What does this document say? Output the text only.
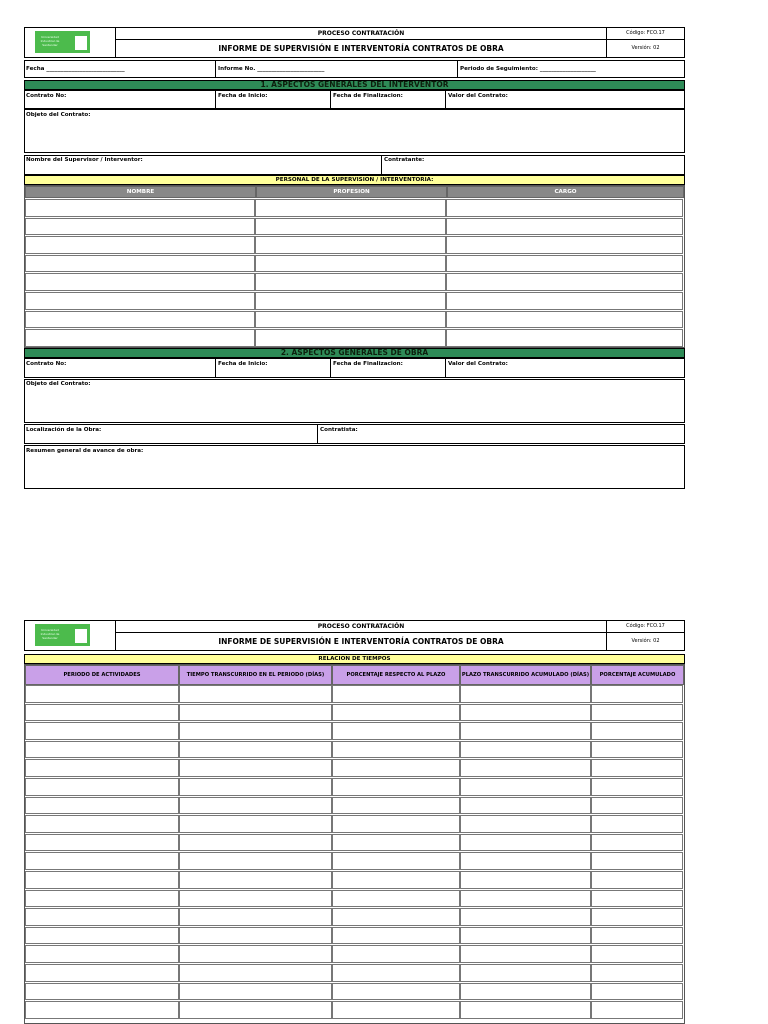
Universidad Industrial de Santander
PROCESO CONTRATACIÓN
INFORME DE SUPERVISIÓN E INTERVENTORÍA CONTRATOS DE OBRA
Código: FCO.17
Versión: 02
Fecha ____________________________	Informe No. ________________________	Periodo de Seguimiento: ____________________
1. ASPECTOS GENERALES DEL INTERVENTOR
Contrato No:	Fecha de Inicio:	Fecha de Finalizacion:	Valor del Contrato:
Objeto del Contrato:
Nombre del Supervisor / Interventor:	Contratante:
PERSONAL DE LA SUPERVISION / INTERVENTORIA:
NOMBRE	PROFESION	CARGO
2. ASPECTOS GENERALES DE OBRA
Contrato No:	Fecha de Inicio:	Fecha de Finalizacion:	Valor del Contrato:
Objeto del Contrato:
Localización de la Obra:	Contratista:
Resumen general de avance de obra:
Universidad Industrial de Santander
PROCESO CONTRATACIÓN
INFORME DE SUPERVISIÓN E INTERVENTORÍA CONTRATOS DE OBRA
Código: FCO.17
Versión: 02
RELACION DE TIEMPOS
PERIODO DE ACTIVIDADES	TIEMPO TRANSCURRIDO EN EL PERIODO (DÍAS)	PORCENTAJE RESPECTO AL PLAZO	PLAZO TRANSCURRIDO ACUMULADO (DÍAS)	PORCENTAJE ACUMULADO
